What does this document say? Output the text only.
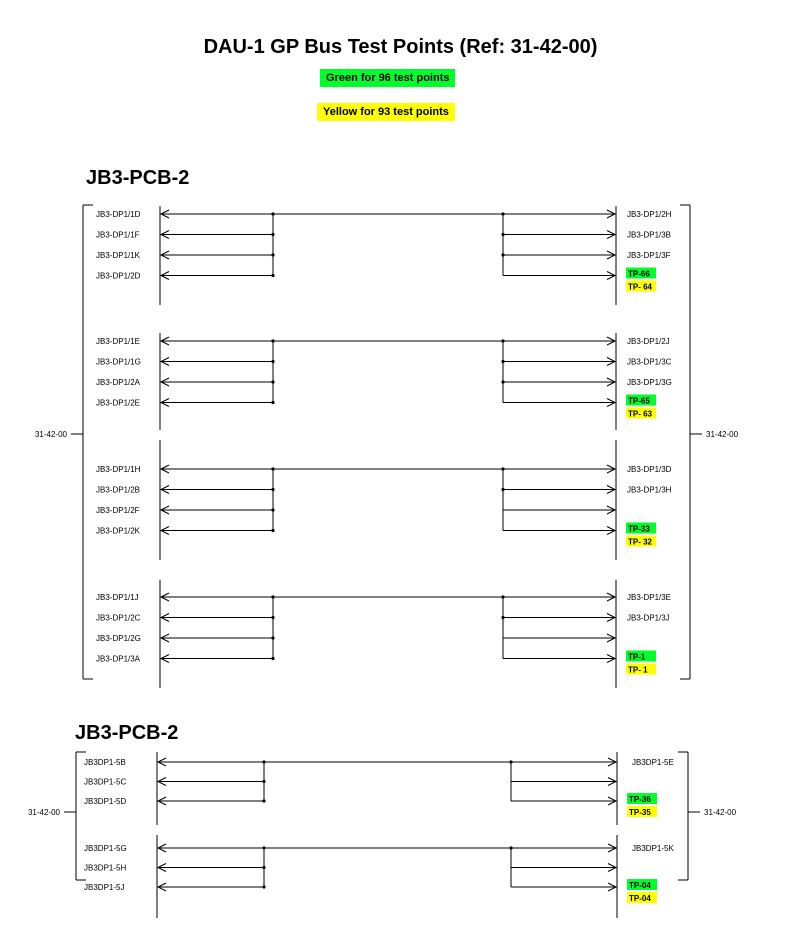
DAU-1 GP Bus Test Points (Ref: 31-42-00)
Green for 96 test points
Yellow for 93 test points
JB3-PCB-2
JB3-PCB-2
JB3-DP1/1D
JB3-DP1/1F
JB3-DP1/1K
JB3-DP1/2D
JB3-DP1/2H
JB3-DP1/3B
JB3-DP1/3F
TP-66
TP- 64
JB3-DP1/1E
JB3-DP1/1G
JB3-DP1/2A
JB3-DP1/2E
JB3-DP1/2J
JB3-DP1/3C
JB3-DP1/3G
TP-65
TP- 63
JB3-DP1/1H
JB3-DP1/2B
JB3-DP1/2F
JB3-DP1/2K
JB3-DP1/3D
JB3-DP1/3H
TP-33
TP- 32
JB3-DP1/1J
JB3-DP1/2C
JB3-DP1/2G
JB3-DP1/3A
JB3-DP1/3E
JB3-DP1/3J
TP-1
TP- 1
31-42-00	31-42-00
JB3DP1-5B
JB3DP1-5C
JB3DP1-5D
JB3DP1-5E
TP-36
TP-35
JB3DP1-5G
JB3DP1-5H
JB3DP1-5J
JB3DP1-5K
TP-04
TP-04
31-42-00	31-42-00
